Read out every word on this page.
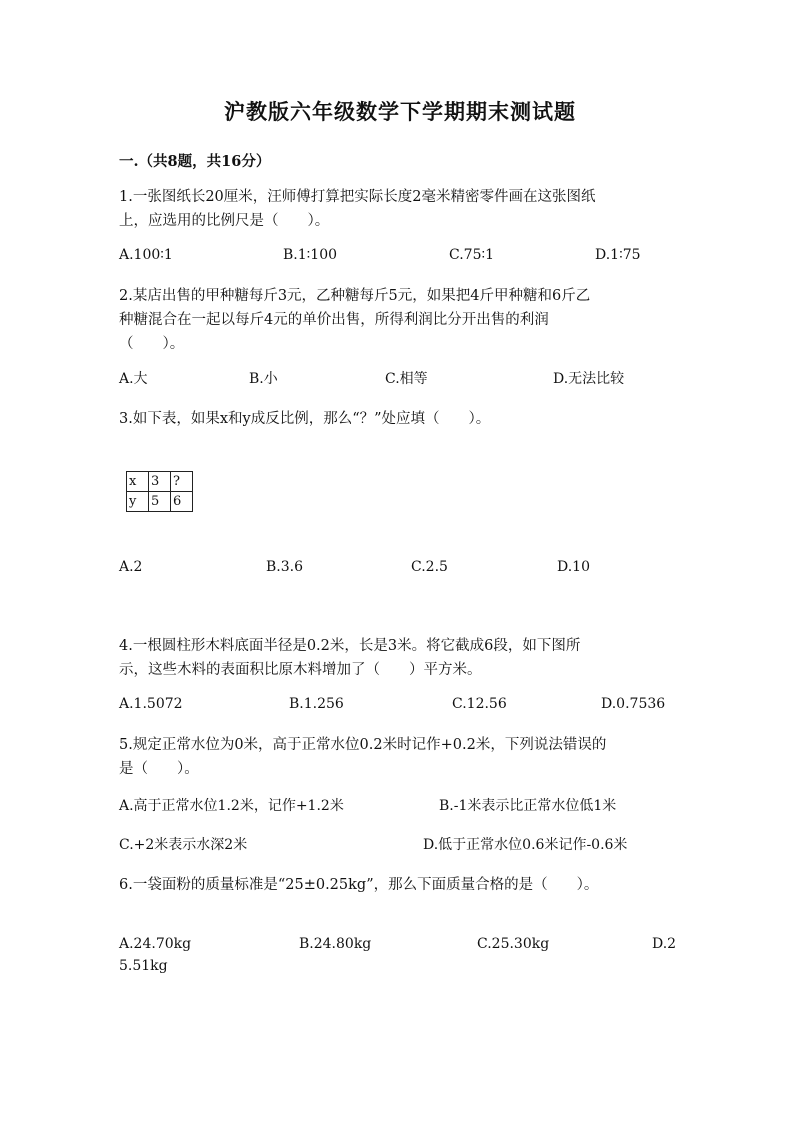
沪教版六年级数学下学期期末测试题
一.（共8题，共16分）
1.一张图纸长20厘米，汪师傅打算把实际长度2毫米精密零件画在这张图纸
上，应选用的比例尺是（　　）。
A.100∶1	B.1∶100	C.75∶1	D.1∶75
2.某店出售的甲种糖每斤3元，乙种糖每斤5元，如果把4斤甲种糖和6斤乙
种糖混合在一起以每斤4元的单价出售，所得利润比分开出售的利润
（　　）。
A.大	B.小	C.相等	D.无法比较
3.如下表，如果x和y成反比例，那么“？”处应填（　　）。
x	3	?
y	5	6
A.2	B.3.6	C.2.5	D.10
4.一根圆柱形木料底面半径是0.2米，长是3米。将它截成6段，如下图所
示，这些木料的表面积比原木料增加了（　　）平方米。
A.1.5072	B.1.256	C.12.56	D.0.7536
5.规定正常水位为0米，高于正常水位0.2米时记作+0.2米，下列说法错误的
是（　　）。
A.高于正常水位1.2米，记作+1.2米	B.-1米表示比正常水位低1米
C.+2米表示水深2米	D.低于正常水位0.6米记作-0.6米
6.一袋面粉的质量标准是“25±0.25kg”，那么下面质量合格的是（　　）。
A.24.70kg	B.24.80kg	C.25.30kg	D.2
5.51kg
